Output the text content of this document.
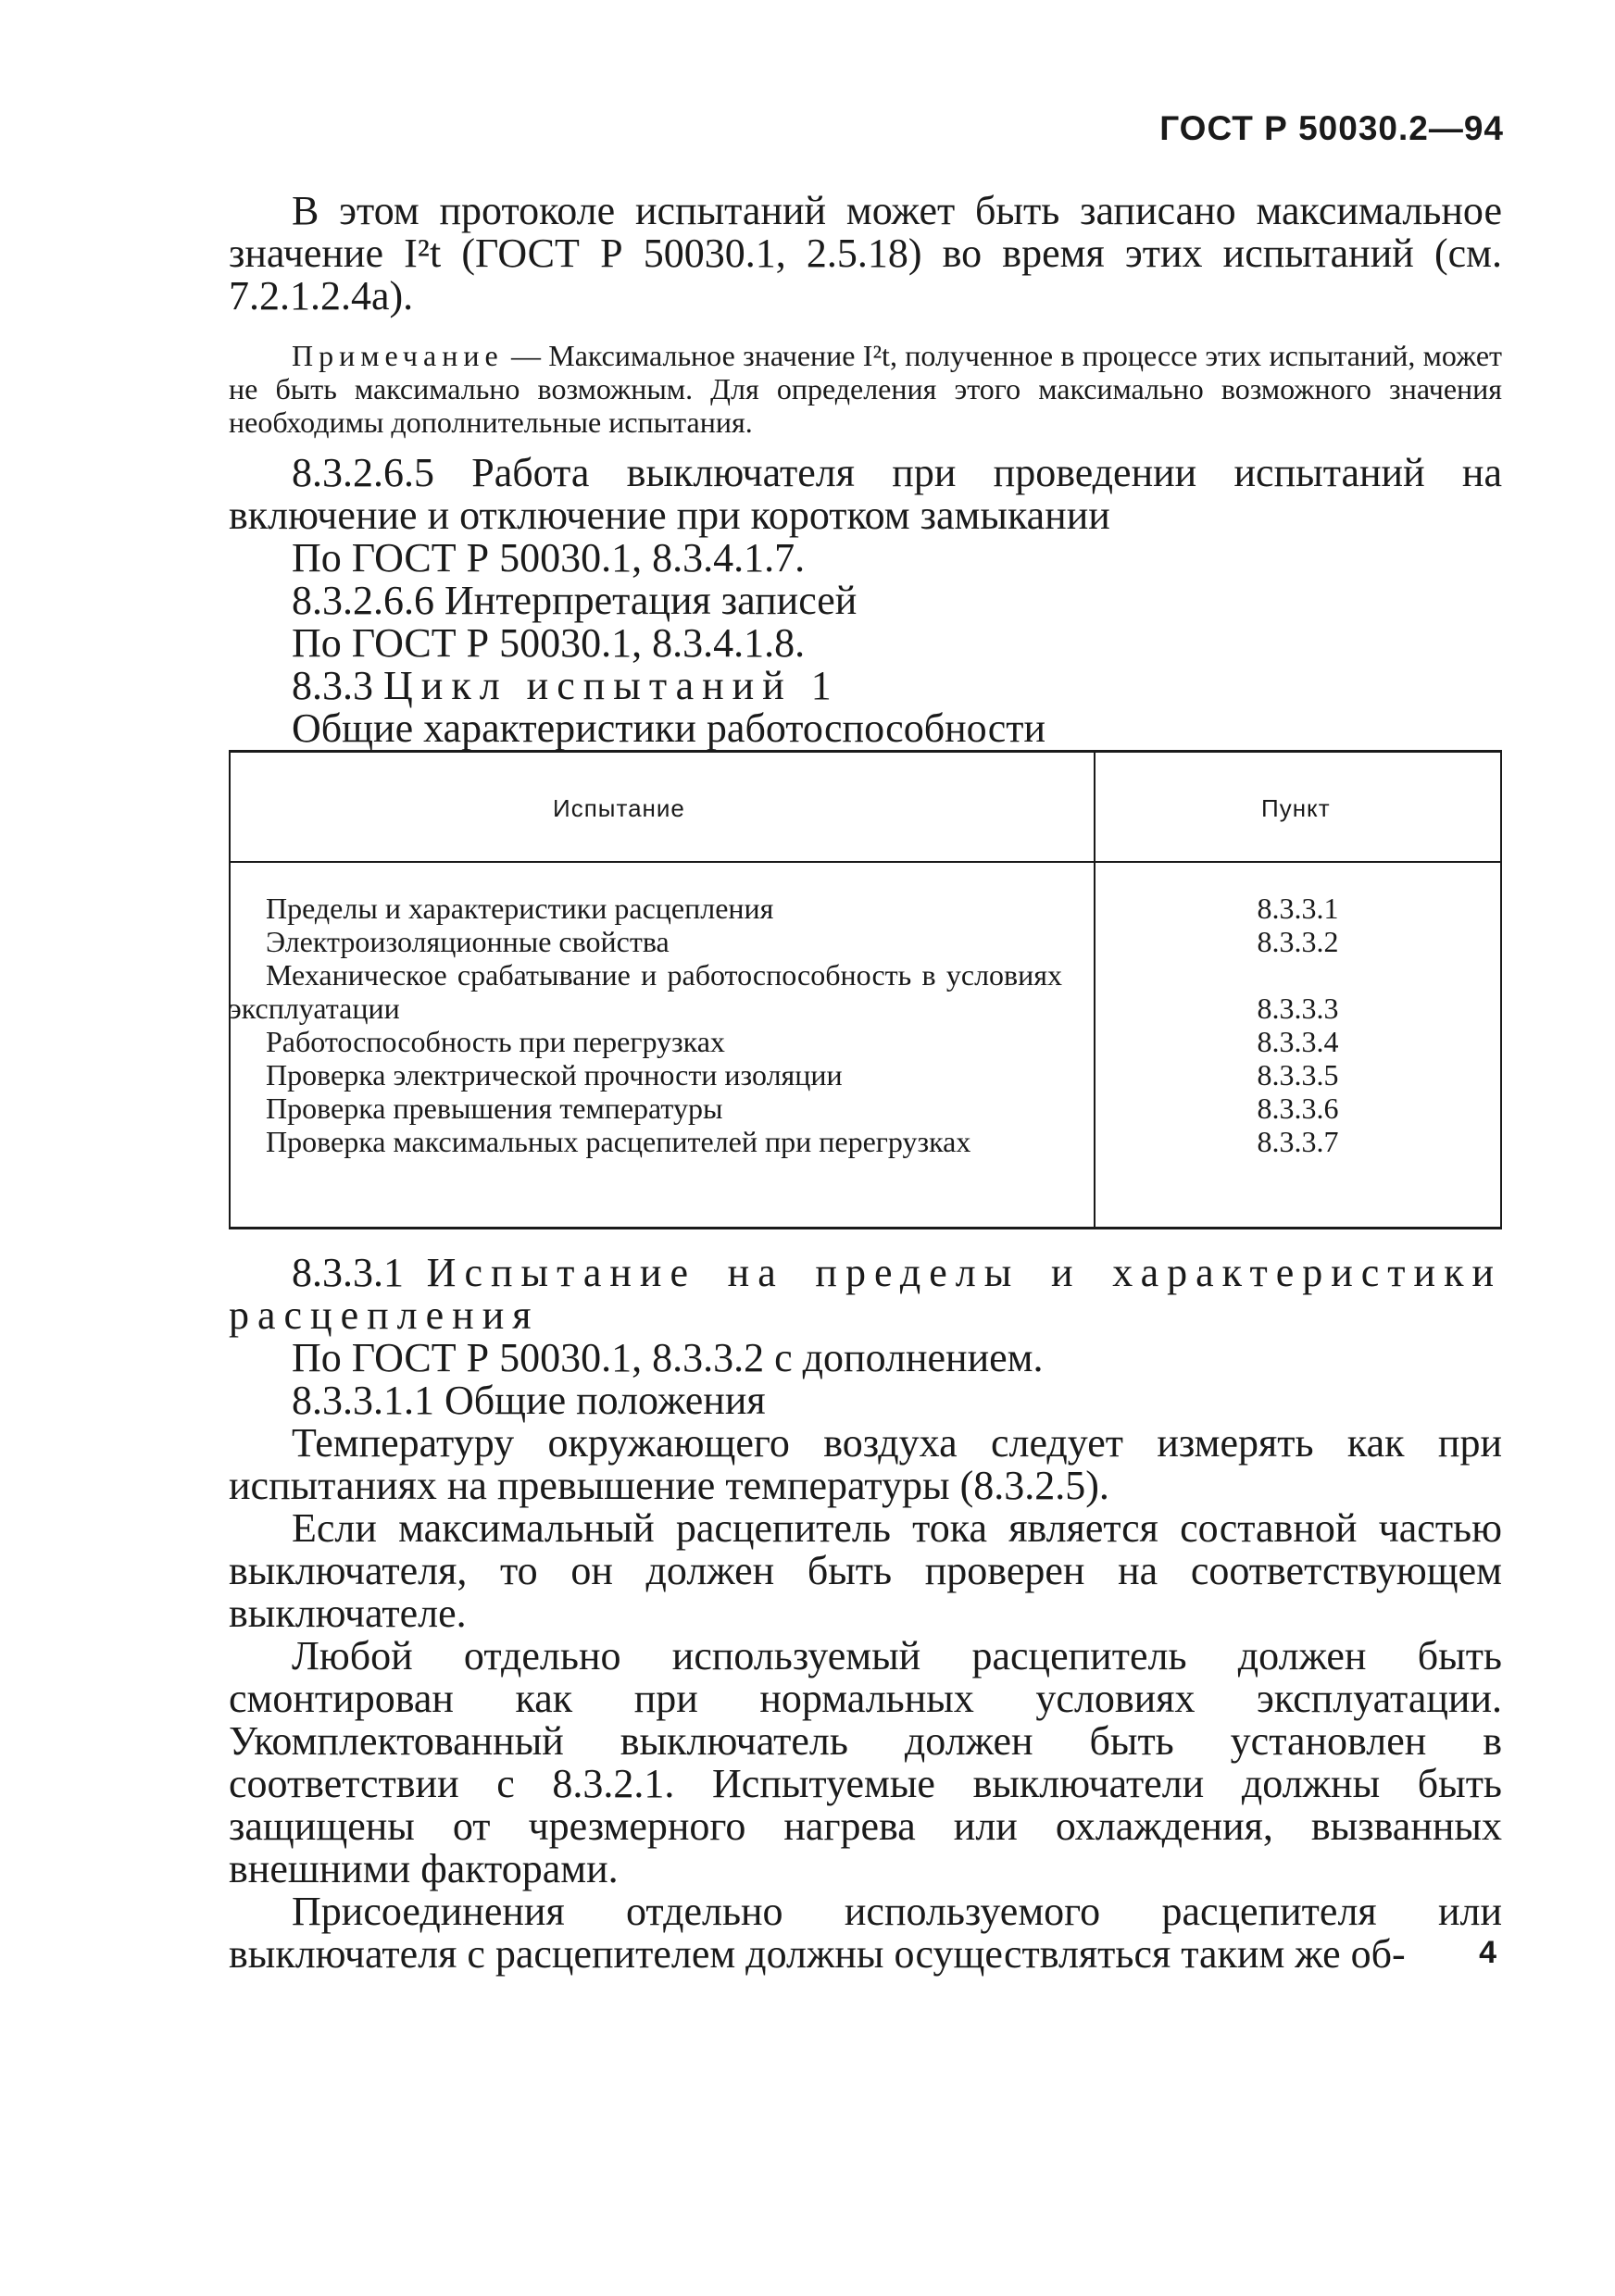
ГОСТ Р 50030.2—94

В этом протоколе испытаний может быть записано максимальное значение I²t (ГОСТ Р 50030.1, 2.5.18) во время этих испытаний (см. 7.2.1.2.4а).

Примечание — Максимальное значение I²t, полученное в процессе этих испытаний, может не быть максимально возможным. Для определения этого максимально возможного значения необходимы дополнительные испытания.

8.3.2.6.5 Работа выключателя при проведении испытаний на включение и отключение при коротком замыкании

По ГОСТ Р 50030.1, 8.3.4.1.7.
8.3.2.6.6 Интерпретация записей
По ГОСТ Р 50030.1, 8.3.4.1.8.
8.3.3 Цикл испытаний 1
Общие характеристики работоспособности
Испытание	Пункт
Пределы и характеристики расцепления	8.3.3.1
Электроизоляционные свойства	8.3.3.2
Механическое срабатывание и работоспособность в условиях эксплуатации	8.3.3.3
Работоспособность при перегрузках	8.3.3.4
Проверка электрической прочности изоляции	8.3.3.5
Проверка превышения температуры	8.3.3.6
Проверка максимальных расцепителей при перегрузках	8.3.3.7

8.3.3.1 Испытание на пределы и характеристики расцепления

По ГОСТ Р 50030.1, 8.3.3.2 с дополнением.
8.3.3.1.1 Общие положения

Температуру окружающего воздуха следует измерять как при испытаниях на превышение температуры (8.3.2.5).

Если максимальный расцепитель тока является составной частью выключателя, то он должен быть проверен на соответствующем выключателе.

Любой отдельно используемый расцепитель должен быть смонтирован как при нормальных условиях эксплуатации. Укомплектованный выключатель должен быть установлен в соответствии с 8.3.2.1. Испытуемые выключатели должны быть защищены от чрезмерного нагрева или охлаждения, вызванных внешними факторами.

Присоединения отдельно используемого расцепителя или выключателя с расцепителем должны осуществляться таким же об-	4
